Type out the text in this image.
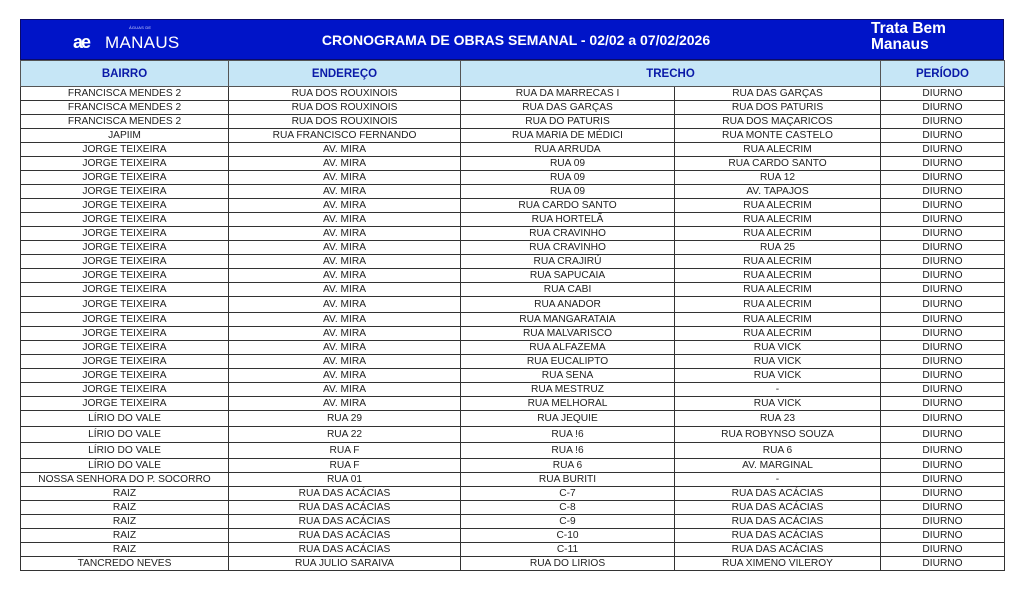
ÁGUAS DE
ae MANAUS	CRONOGRAMA DE OBRAS SEMANAL - 02/02 a 07/02/2026
Trata Bem
Manaus
BAIRRO	ENDEREÇO	TRECHO		PERÍODO
FRANCISCA MENDES 2	RUA DOS ROUXINOIS	RUA DA MARRECAS I	RUA DAS GARÇAS	DIURNO
FRANCISCA MENDES 2	RUA DOS ROUXINOIS	RUA DAS GARÇAS	RUA DOS PATURIS	DIURNO
FRANCISCA MENDES 2	RUA DOS ROUXINOIS	RUA DO PATURIS	RUA DOS MAÇARICOS	DIURNO
JAPIIM	RUA FRANCISCO FERNANDO	RUA MARIA DE MÉDICI	RUA MONTE CASTELO	DIURNO
JORGE TEIXEIRA	AV. MIRA	RUA ARRUDA	RUA ALECRIM	DIURNO
JORGE TEIXEIRA	AV. MIRA	RUA 09	RUA CARDO SANTO	DIURNO
JORGE TEIXEIRA	AV. MIRA	RUA 09	RUA 12	DIURNO
JORGE TEIXEIRA	AV. MIRA	RUA 09	AV. TAPAJOS	DIURNO
JORGE TEIXEIRA	AV. MIRA	RUA CARDO SANTO	RUA ALECRIM	DIURNO
JORGE TEIXEIRA	AV. MIRA	RUA HORTELÃ	RUA ALECRIM	DIURNO
JORGE TEIXEIRA	AV. MIRA	RUA CRAVINHO	RUA ALECRIM	DIURNO
JORGE TEIXEIRA	AV. MIRA	RUA CRAVINHO	RUA 25	DIURNO
JORGE TEIXEIRA	AV. MIRA	RUA CRAJIRÚ	RUA ALECRIM	DIURNO
JORGE TEIXEIRA	AV. MIRA	RUA SAPUCAIA	RUA ALECRIM	DIURNO
JORGE TEIXEIRA	AV. MIRA	RUA CABI	RUA ALECRIM	DIURNO
JORGE TEIXEIRA	AV. MIRA	RUA ANADOR	RUA ALECRIM	DIURNO
JORGE TEIXEIRA	AV. MIRA	RUA MANGARATAIA	RUA ALECRIM	DIURNO
JORGE TEIXEIRA	AV. MIRA	RUA MALVARISCO	RUA ALECRIM	DIURNO
JORGE TEIXEIRA	AV. MIRA	RUA ALFAZEMA	RUA VICK	DIURNO
JORGE TEIXEIRA	AV. MIRA	RUA EUCALIPTO	RUA VICK	DIURNO
JORGE TEIXEIRA	AV. MIRA	RUA SENA	RUA VICK	DIURNO
JORGE TEIXEIRA	AV. MIRA	RUA MESTRUZ	-	DIURNO
JORGE TEIXEIRA	AV. MIRA	RUA MELHORAL	RUA VICK	DIURNO
LÍRIO DO VALE	RUA 29	RUA JEQUIE	RUA 23	DIURNO
LÍRIO DO VALE	RUA 22	RUA !6	RUA ROBYNSO SOUZA	DIURNO
LÍRIO DO VALE	RUA F	RUA !6	RUA 6	DIURNO
LÍRIO DO VALE	RUA F	RUA 6	AV. MARGINAL	DIURNO
NOSSA SENHORA DO P. SOCORRO	RUA 01	RUA BURITI	-	DIURNO
RAIZ	RUA DAS ACÁCIAS	C-7	RUA DAS ACÁCIAS	DIURNO
RAIZ	RUA DAS ACÁCIAS	C-8	RUA DAS ACÁCIAS	DIURNO
RAIZ	RUA DAS ACÁCIAS	C-9	RUA DAS ACÁCIAS	DIURNO
RAIZ	RUA DAS ACÁCIAS	C-10	RUA DAS ACÁCIAS	DIURNO
RAIZ	RUA DAS ACÁCIAS	C-11	RUA DAS ACÁCIAS	DIURNO
TANCREDO NEVES	RUA JULIO SARAIVA	RUA DO LIRIOS	RUA XIMENO VILEROY	DIURNO
